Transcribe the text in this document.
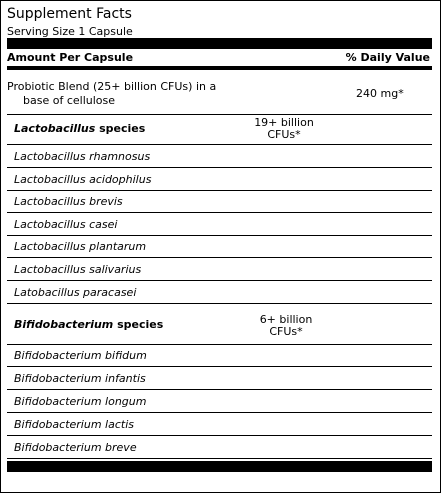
Supplement Facts
Serving Size 1 Capsule
Amount Per Capsule	% Daily Value
Probiotic Blend (25+ billion CFUs) in a
base of cellulose
240 mg*
Lactobacillus species	19+ billion
CFUs*
Lactobacillus rhamnosus
Lactobacillus acidophilus
Lactobacillus brevis
Lactobacillus casei
Lactobacillus plantarum
Lactobacillus salivarius
Latobacillus paracasei
Bifidobacterium species	6+ billion
CFUs*
Bifidobacterium bifidum
Bifidobacterium infantis
Bifidobacterium longum
Bifidobacterium lactis
Bifidobacterium breve
